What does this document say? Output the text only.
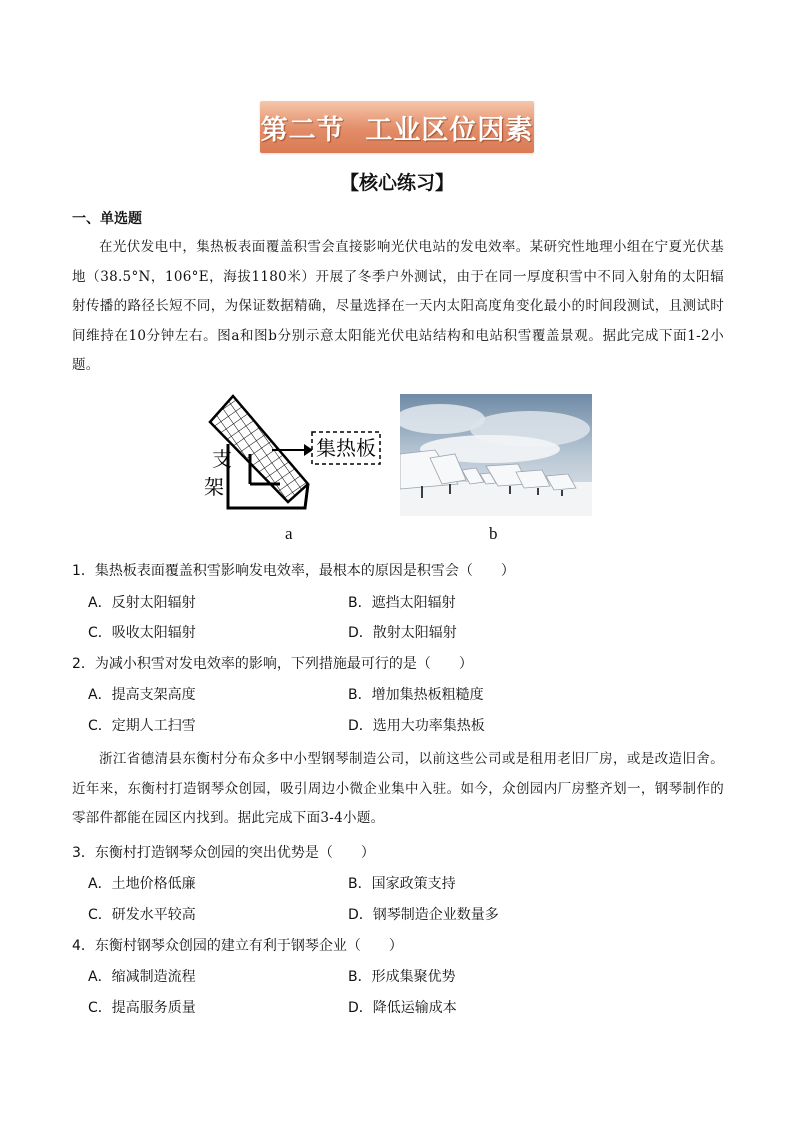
第二节  工业区位因素
【核心练习】
一、单选题
在光伏发电中，集热板表面覆盖积雪会直接影响光伏电站的发电效率。某研究性地理小组在宁夏光伏基地（38.5°N，106°E，海拔1180米）开展了冬季户外测试，由于在同一厚度积雪中不同入射角的太阳辐射传播的路径长短不同，为保证数据精确，尽量选择在一天内太阳高度角变化最小的时间段测试，且测试时间维持在10分钟左右。图a和图b分别示意太阳能光伏电站结构和电站积雪覆盖景观。据此完成下面1-2小题。
集热板
支
架
a	b
1．集热板表面覆盖积雪影响发电效率，最根本的原因是积雪会（　　）
A．反射太阳辐射	B．遮挡太阳辐射
C．吸收太阳辐射	D．散射太阳辐射
2．为减小积雪对发电效率的影响，下列措施最可行的是（　　）
A．提高支架高度	B．增加集热板粗糙度
C．定期人工扫雪	D．选用大功率集热板
浙江省德清县东衡村分布众多中小型钢琴制造公司，以前这些公司或是租用老旧厂房，或是改造旧舍。近年来，东衡村打造钢琴众创园，吸引周边小微企业集中入驻。如今，众创园内厂房整齐划一，钢琴制作的零部件都能在园区内找到。据此完成下面3-4小题。
3．东衡村打造钢琴众创园的突出优势是（　　）
A．土地价格低廉	B．国家政策支持
C．研发水平较高	D．钢琴制造企业数量多
4．东衡村钢琴众创园的建立有利于钢琴企业（　　）
A．缩减制造流程	B．形成集聚优势
C．提高服务质量	D．降低运输成本
